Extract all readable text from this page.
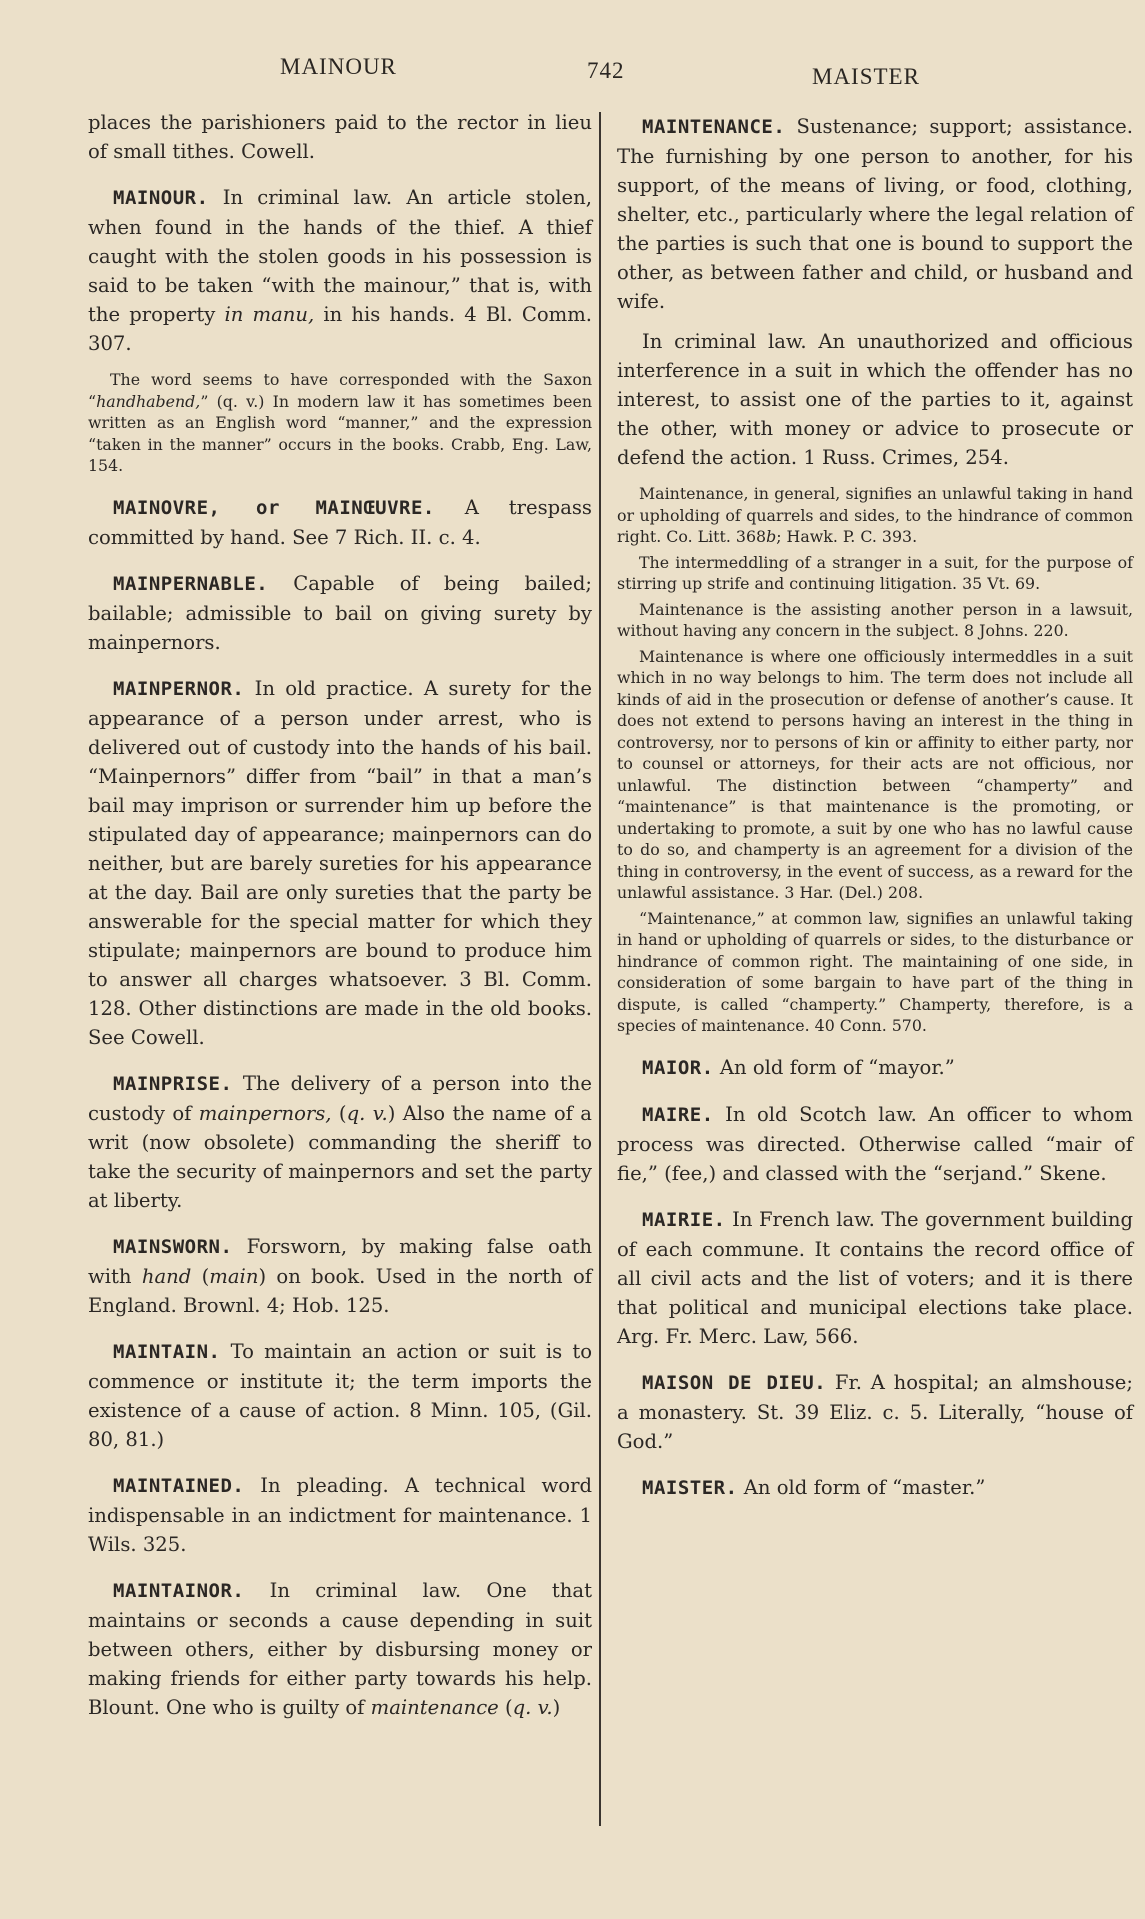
MAINOUR	742	MAISTER

places the parishioners paid to the rector in lieu of small tithes. Cowell.

MAINOUR. In criminal law. An article stolen, when found in the hands of the thief. A thief caught with the stolen goods in his possession is said to be taken “with the mainour,” that is, with the property in manu, in his hands. 4 Bl. Comm. 307.

The word seems to have corresponded with the Saxon “handhabend,” (q. v.) In modern law it has sometimes been written as an English word “manner,” and the expression “taken in the manner” occurs in the books. Crabb, Eng. Law, 154.

MAINOVRE, or MAINŒUVRE. A trespass committed by hand. See 7 Rich. II. c. 4.

MAINPERNABLE. Capable of being bailed; bailable; admissible to bail on giving surety by mainpernors.

MAINPERNOR. In old practice. A surety for the appearance of a person under arrest, who is delivered out of custody into the hands of his bail. “Mainpernors” differ from “bail” in that a man’s bail may imprison or surrender him up before the stipulated day of appearance; mainpernors can do neither, but are barely sureties for his appearance at the day. Bail are only sureties that the party be answerable for the special matter for which they stipulate; mainpernors are bound to produce him to answer all charges whatsoever. 3 Bl. Comm. 128. Other distinctions are made in the old books. See Cowell.

MAINPRISE. The delivery of a person into the custody of mainpernors, (q. v.) Also the name of a writ (now obsolete) commanding the sheriff to take the security of mainpernors and set the party at liberty.

MAINSWORN. Forsworn, by making false oath with hand (main) on book. Used in the north of England. Brownl. 4; Hob. 125.

MAINTAIN. To maintain an action or suit is to commence or institute it; the term imports the existence of a cause of action. 8 Minn. 105, (Gil. 80, 81.)

MAINTAINED. In pleading. A technical word indispensable in an indictment for maintenance. 1 Wils. 325.

MAINTAINOR. In criminal law. One that maintains or seconds a cause depending in suit between others, either by disbursing money or making friends for either party towards his help. Blount. One who is guilty of maintenance (q. v.)

MAINTENANCE. Sustenance; support; assistance. The furnishing by one person to another, for his support, of the means of living, or food, clothing, shelter, etc., particularly where the legal relation of the parties is such that one is bound to support the other, as between father and child, or husband and wife.

In criminal law. An unauthorized and officious interference in a suit in which the offender has no interest, to assist one of the parties to it, against the other, with money or advice to prosecute or defend the action. 1 Russ. Crimes, 254.

Maintenance, in general, signifies an unlawful taking in hand or upholding of quarrels and sides, to the hindrance of common right. Co. Litt. 368b; Hawk. P. C. 393.

The intermeddling of a stranger in a suit, for the purpose of stirring up strife and continuing litigation. 35 Vt. 69.

Maintenance is the assisting another person in a lawsuit, without having any concern in the subject. 8 Johns. 220.

Maintenance is where one officiously intermeddles in a suit which in no way belongs to him. The term does not include all kinds of aid in the prosecution or defense of another’s cause. It does not extend to persons having an interest in the thing in controversy, nor to persons of kin or affinity to either party, nor to counsel or attorneys, for their acts are not officious, nor unlawful. The distinction between “champerty” and “maintenance” is that maintenance is the promoting, or undertaking to promote, a suit by one who has no lawful cause to do so, and champerty is an agreement for a division of the thing in controversy, in the event of success, as a reward for the unlawful assistance. 3 Har. (Del.) 208.

“Maintenance,” at common law, signifies an unlawful taking in hand or upholding of quarrels or sides, to the disturbance or hindrance of common right. The maintaining of one side, in consideration of some bargain to have part of the thing in dispute, is called “champerty.” Champerty, therefore, is a species of maintenance. 40 Conn. 570.

MAIOR. An old form of “mayor.”

MAIRE. In old Scotch law. An officer to whom process was directed. Otherwise called “mair of fie,” (fee,) and classed with the “serjand.” Skene.

MAIRIE. In French law. The government building of each commune. It contains the record office of all civil acts and the list of voters; and it is there that political and municipal elections take place. Arg. Fr. Merc. Law, 566.

MAISON DE DIEU. Fr. A hospital; an almshouse; a monastery. St. 39 Eliz. c. 5. Literally, “house of God.”

MAISTER. An old form of “master.”
